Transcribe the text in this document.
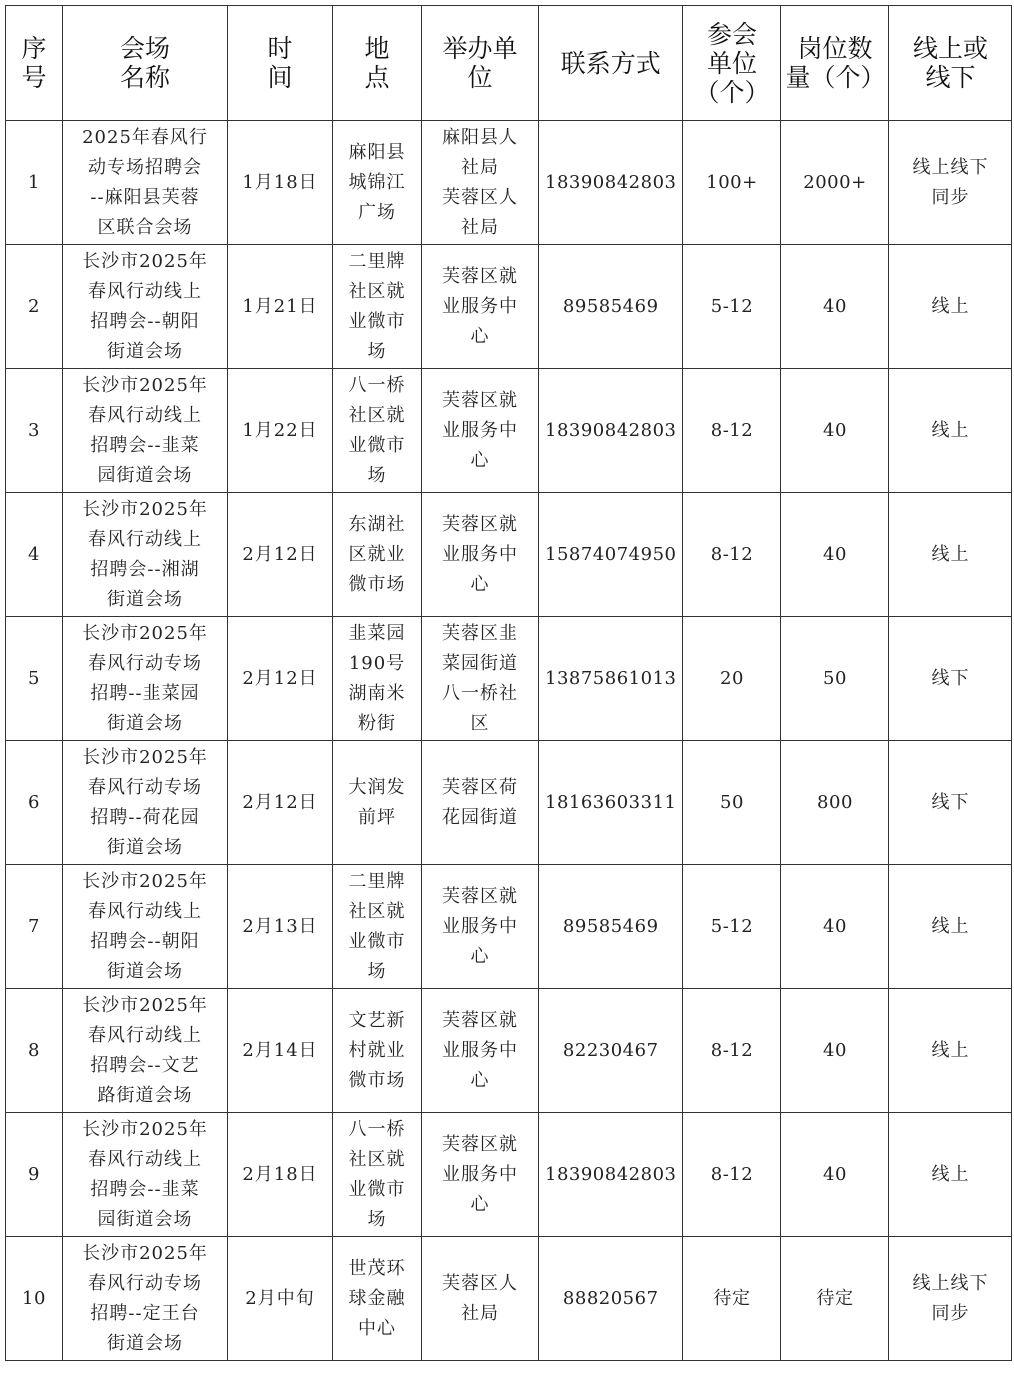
序
号	会场
名称	时
间	地
点	举办单
位	联系方式	参会
单位
（个）	岗位数
量（个）	线上或
线下
1	2025年春风行
动专场招聘会
--麻阳县芙蓉
区联合会场	1月18日	麻阳县
城锦江
广场	麻阳县人
社局
芙蓉区人
社局	18390842803	100+	2000+	线上线下
同步
2	长沙市2025年
春风行动线上
招聘会--朝阳
街道会场	1月21日	二里牌
社区就
业微市
场	芙蓉区就
业服务中
心	89585469	5-12	40	线上
3	长沙市2025年
春风行动线上
招聘会--韭菜
园街道会场	1月22日	八一桥
社区就
业微市
场	芙蓉区就
业服务中
心	18390842803	8-12	40	线上
4	长沙市2025年
春风行动线上
招聘会--湘湖
街道会场	2月12日	东湖社
区就业
微市场	芙蓉区就
业服务中
心	15874074950	8-12	40	线上
5	长沙市2025年
春风行动专场
招聘--韭菜园
街道会场	2月12日	韭菜园
190号
湖南米
粉街	芙蓉区韭
菜园街道
八一桥社
区	13875861013	20	50	线下
6	长沙市2025年
春风行动专场
招聘--荷花园
街道会场	2月12日	大润发
前坪	芙蓉区荷
花园街道	18163603311	50	800	线下
7	长沙市2025年
春风行动线上
招聘会--朝阳
街道会场	2月13日	二里牌
社区就
业微市
场	芙蓉区就
业服务中
心	89585469	5-12	40	线上
8	长沙市2025年
春风行动线上
招聘会--文艺
路街道会场	2月14日	文艺新
村就业
微市场	芙蓉区就
业服务中
心	82230467	8-12	40	线上
9	长沙市2025年
春风行动线上
招聘会--韭菜
园街道会场	2月18日	八一桥
社区就
业微市
场	芙蓉区就
业服务中
心	18390842803	8-12	40	线上
10	长沙市2025年
春风行动专场
招聘--定王台
街道会场	2月中旬	世茂环
球金融
中心	芙蓉区人
社局	88820567	待定	待定	线上线下
同步
